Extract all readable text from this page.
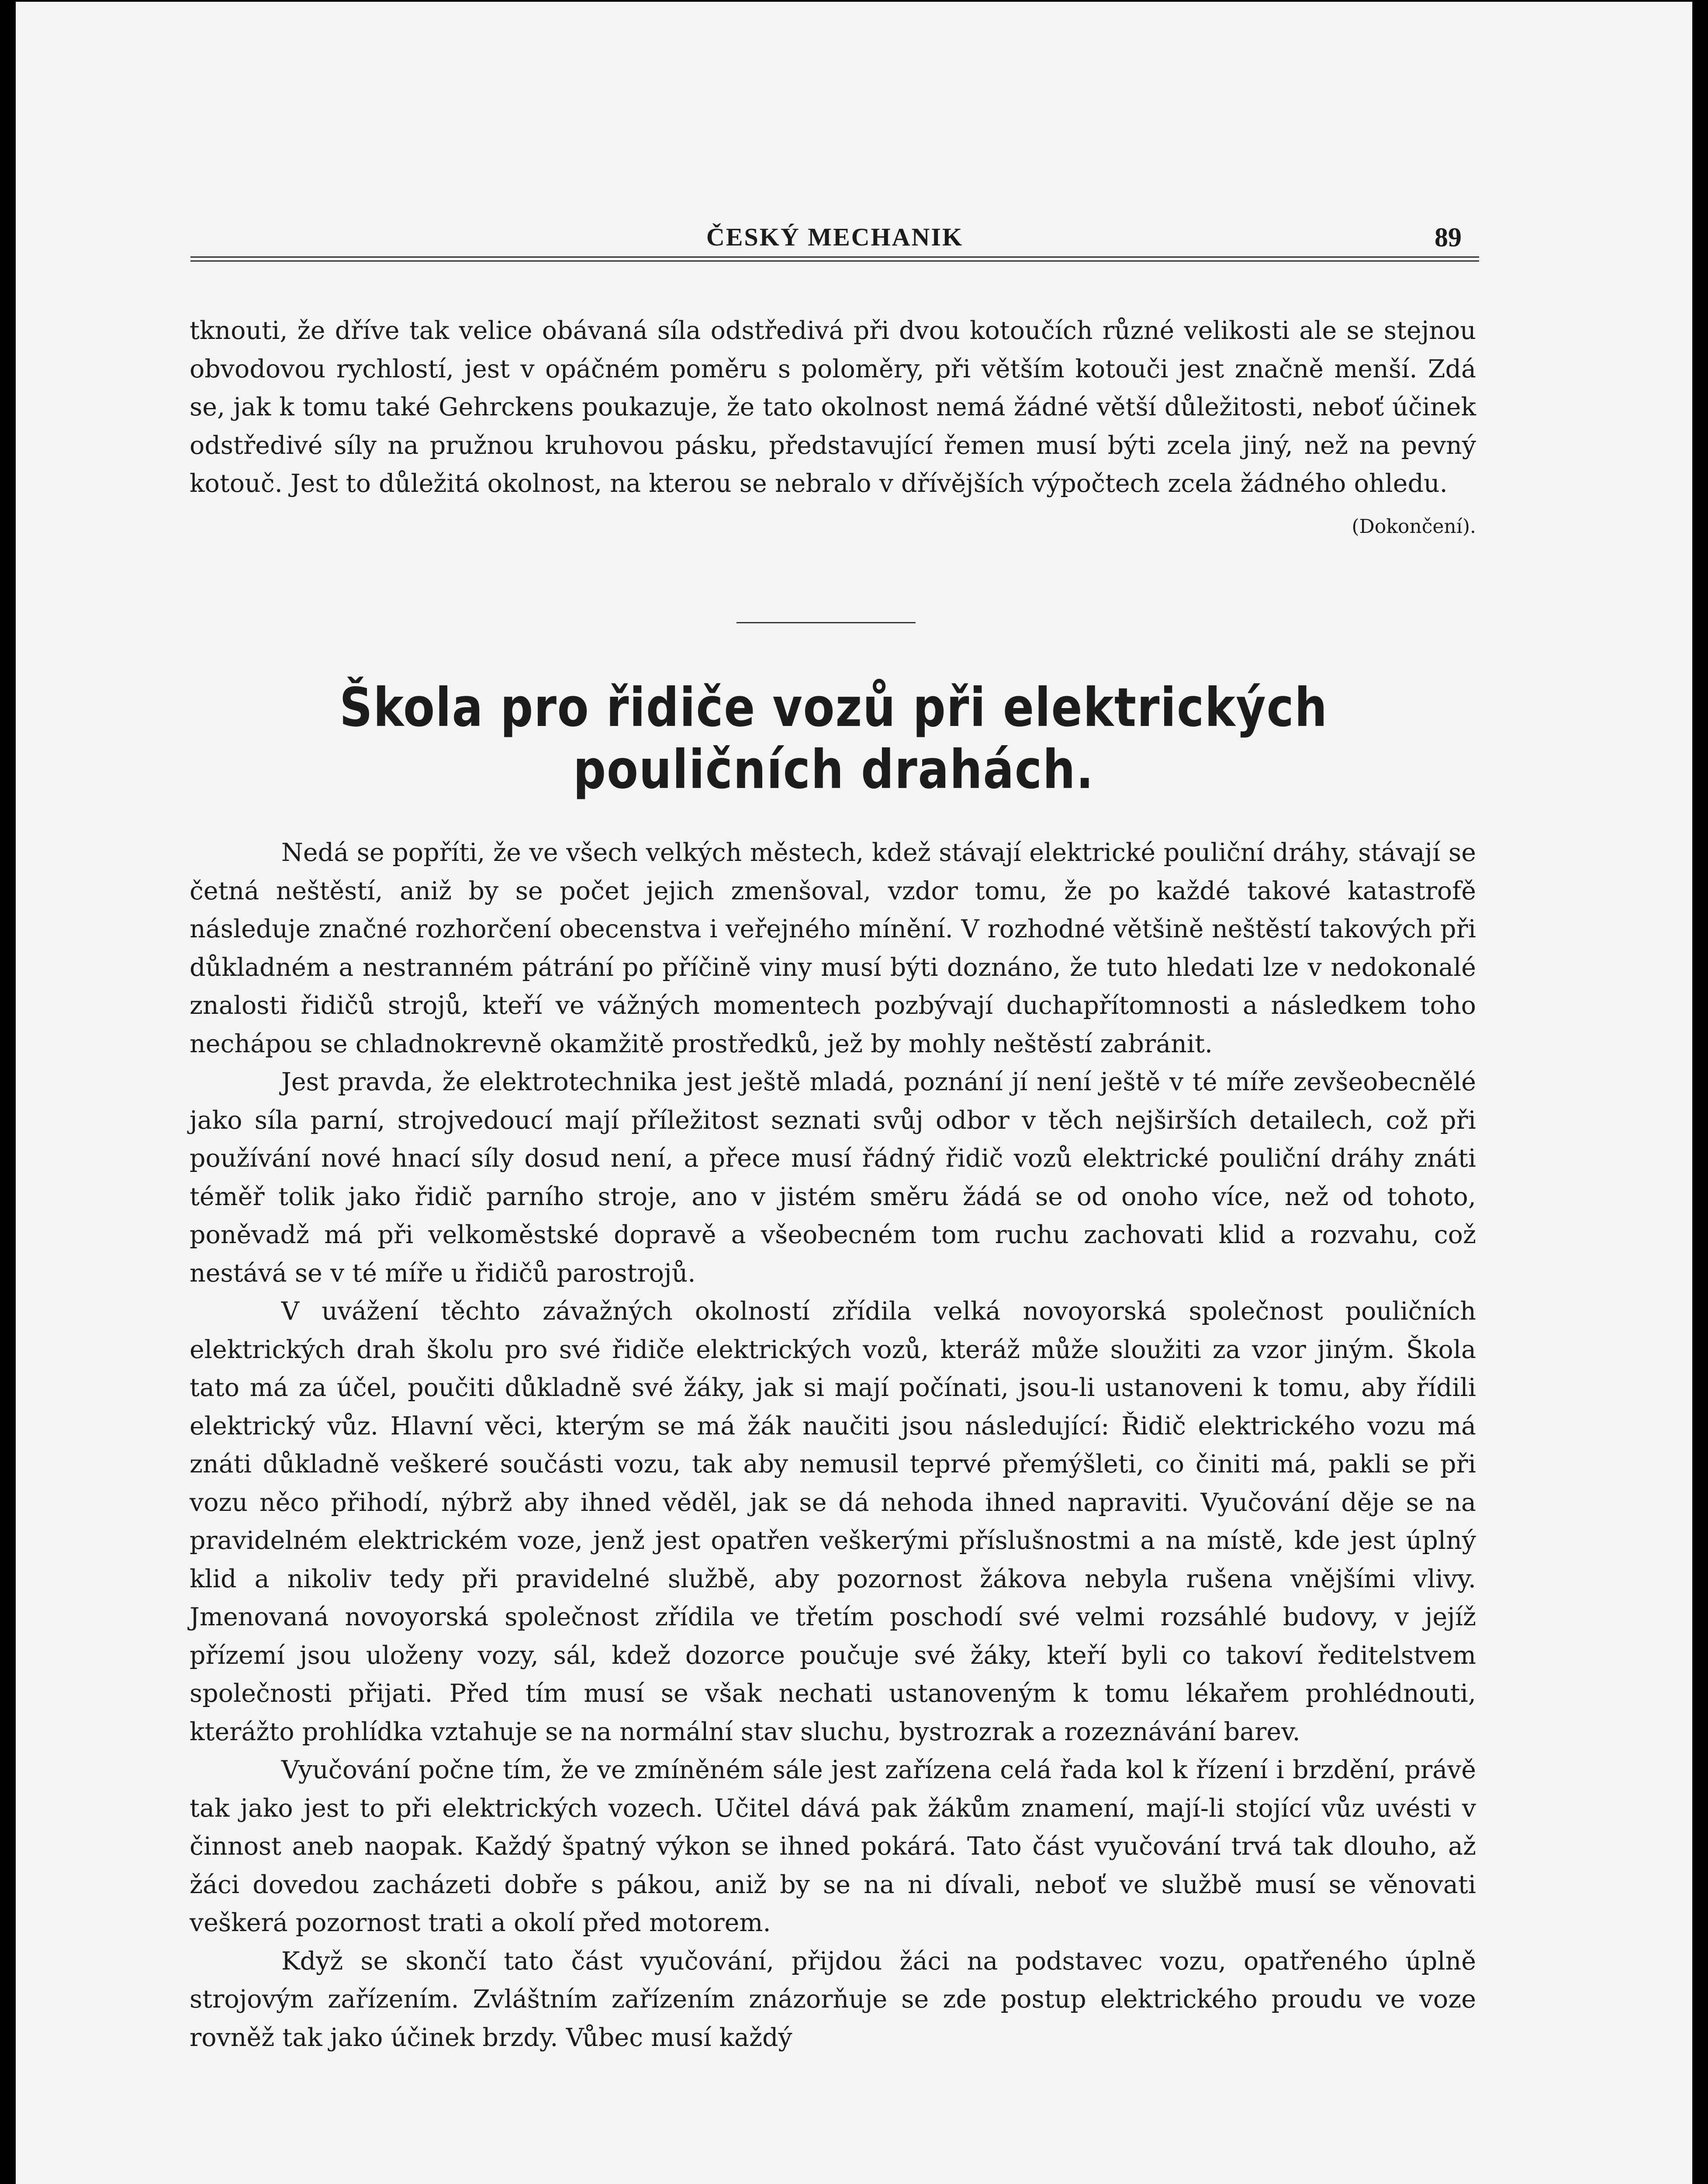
ČESKÝ MECHANIK	89

tknouti, že dříve tak velice obávaná síla odstředivá při dvou kotoučích různé velikosti ale se stejnou obvodovou rychlostí, jest v opáčném poměru s poloměry, při větším kotouči jest značně menší. Zdá se, jak k tomu také Gehrckens poukazuje, že tato okolnost nemá žádné větší důležitosti, neboť účinek odstředivé síly na pružnou kruhovou pásku, představující řemen musí býti zcela jiný, než na pevný kotouč. Jest to důležitá okolnost, na kterou se nebralo v dřívějších výpočtech zcela žádného ohledu.
(Dokončení).

Škola pro řidiče vozů při elektrických pouličních drahách.

Nedá se popříti, že ve všech velkých městech, kdež stávají elektrické pouliční dráhy, stávají se četná neštěstí, aniž by se počet jejich zmenšoval, vzdor tomu, že po každé takové katastrofě následuje značné rozhorčení obecenstva i veřejného mínění. V rozhodné většině neštěstí takových při důkladném a nestranném pátrání po příčině viny musí býti doznáno, že tuto hledati lze v nedokonalé znalosti řidičů strojů, kteří ve vážných momentech pozbývají duchapřítomnosti a následkem toho nechápou se chladnokrevně okamžitě prostředků, jež by mohly neštěstí zabránit.

Jest pravda, že elektrotechnika jest ještě mladá, poznání jí není ještě v té míře zevšeobecnělé jako síla parní, strojvedoucí mají příležitost seznati svůj odbor v těch nejširších detailech, což při používání nové hnací síly dosud není, a přece musí řádný řidič vozů elektrické pouliční dráhy znáti téměř tolik jako řidič parního stroje, ano v jistém směru žádá se od onoho více, než od tohoto, poněvadž má při velkoměstské dopravě a všeobecném tom ruchu zachovati klid a rozvahu, což nestává se v té míře u řidičů parostrojů.

V uvážení těchto závažných okolností zřídila velká novoyorská společnost pouličních elektrických drah školu pro své řidiče elektrických vozů, kteráž může sloužiti za vzor jiným. Škola tato má za účel, poučiti důkladně své žáky, jak si mají počínati, jsou-li ustanoveni k tomu, aby řídili elektrický vůz. Hlavní věci, kterým se má žák naučiti jsou následující: Řidič elektrického vozu má znáti důkladně veškeré součásti vozu, tak aby nemusil teprvé přemýšleti, co činiti má, pakli se při vozu něco přihodí, nýbrž aby ihned věděl, jak se dá nehoda ihned napraviti. Vyučování děje se na pravidelném elektrickém voze, jenž jest opatřen veškerými příslušnostmi a na místě, kde jest úplný klid a nikoliv tedy při pravidelné službě, aby pozornost žákova nebyla rušena vnějšími vlivy. Jmenovaná novoyorská společnost zřídila ve třetím poschodí své velmi rozsáhlé budovy, v jejíž přízemí jsou uloženy vozy, sál, kdež dozorce poučuje své žáky, kteří byli co takoví ředitelstvem společnosti přijati. Před tím musí se však nechati ustanoveným k tomu lékařem prohlédnouti, kterážto prohlídka vztahuje se na normální stav sluchu, bystrozrak a rozeznávání barev.

Vyučování počne tím, že ve zmíněném sále jest zařízena celá řada kol k řízení i brzdění, právě tak jako jest to při elektrických vozech. Učitel dává pak žákům znamení, mají-li stojící vůz uvésti v činnost aneb naopak. Každý špatný výkon se ihned pokárá. Tato část vyučování trvá tak dlouho, až žáci dovedou zacházeti dobře s pákou, aniž by se na ni dívali, neboť ve službě musí se věnovati veškerá pozornost trati a okolí před motorem.

Když se skončí tato část vyučování, přijdou žáci na podstavec vozu, opatřeného úplně strojovým zařízením. Zvláštním zařízením znázorňuje se zde postup elektrického proudu ve voze rovněž tak jako účinek brzdy. Vůbec musí každý
